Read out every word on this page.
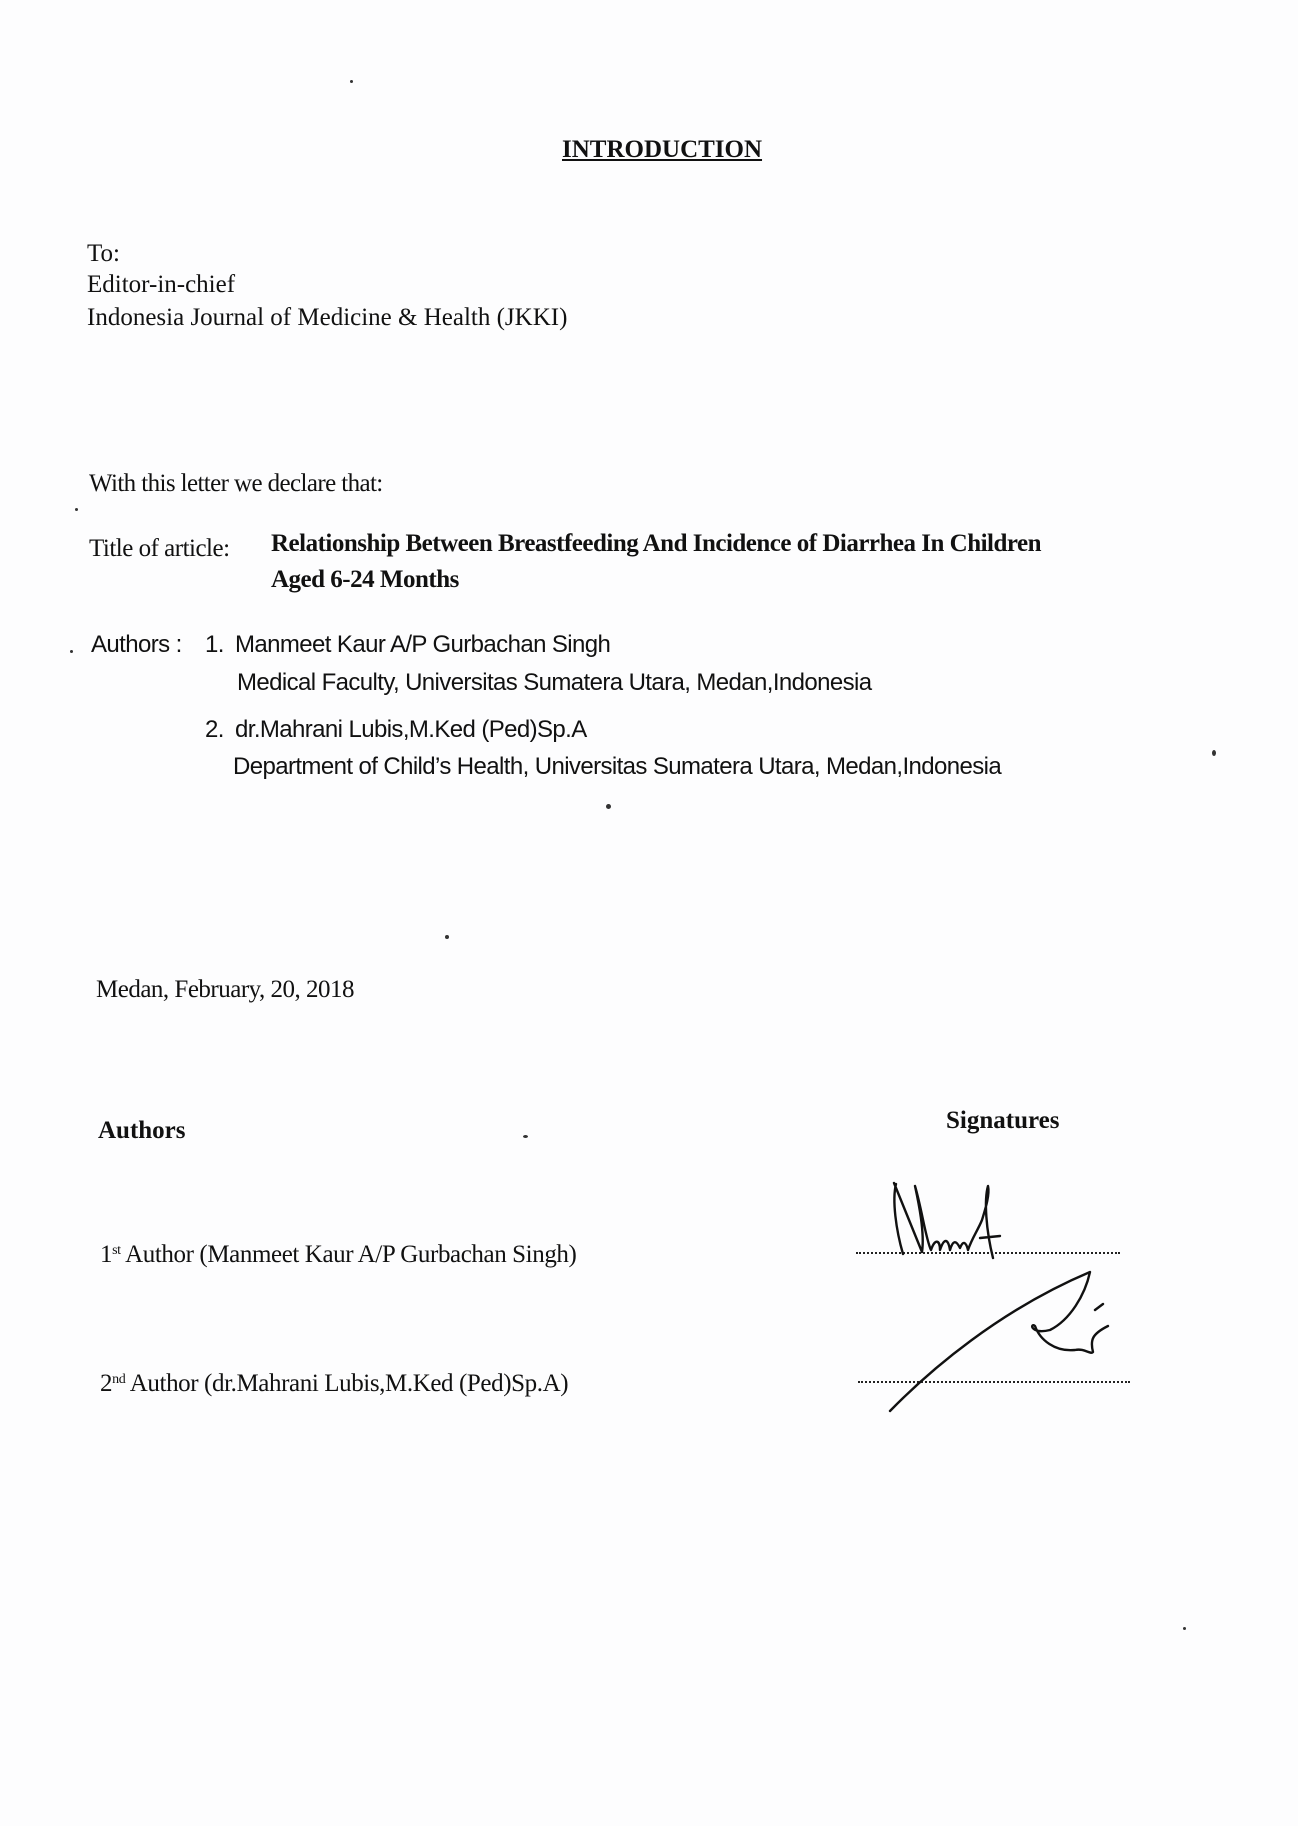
INTRODUCTION
To:
Editor-in-chief
Indonesia Journal of Medicine & Health (JKKI)
With this letter we declare that:
Title of article: Relationship Between Breastfeeding And Incidence of Diarrhea In Children
Aged 6-24 Months
Authors : 1. Manmeet Kaur A/P Gurbachan Singh
Medical Faculty, Universitas Sumatera Utara, Medan,Indonesia
2. dr.Mahrani Lubis,M.Ked (Ped)Sp.A
Department of Child’s Health, Universitas Sumatera Utara, Medan,Indonesia
Medan, February, 20, 2018
Authors	Signatures
1st Author (Manmeet Kaur A/P Gurbachan Singh)
2nd Author (dr.Mahrani Lubis,M.Ked (Ped)Sp.A)
